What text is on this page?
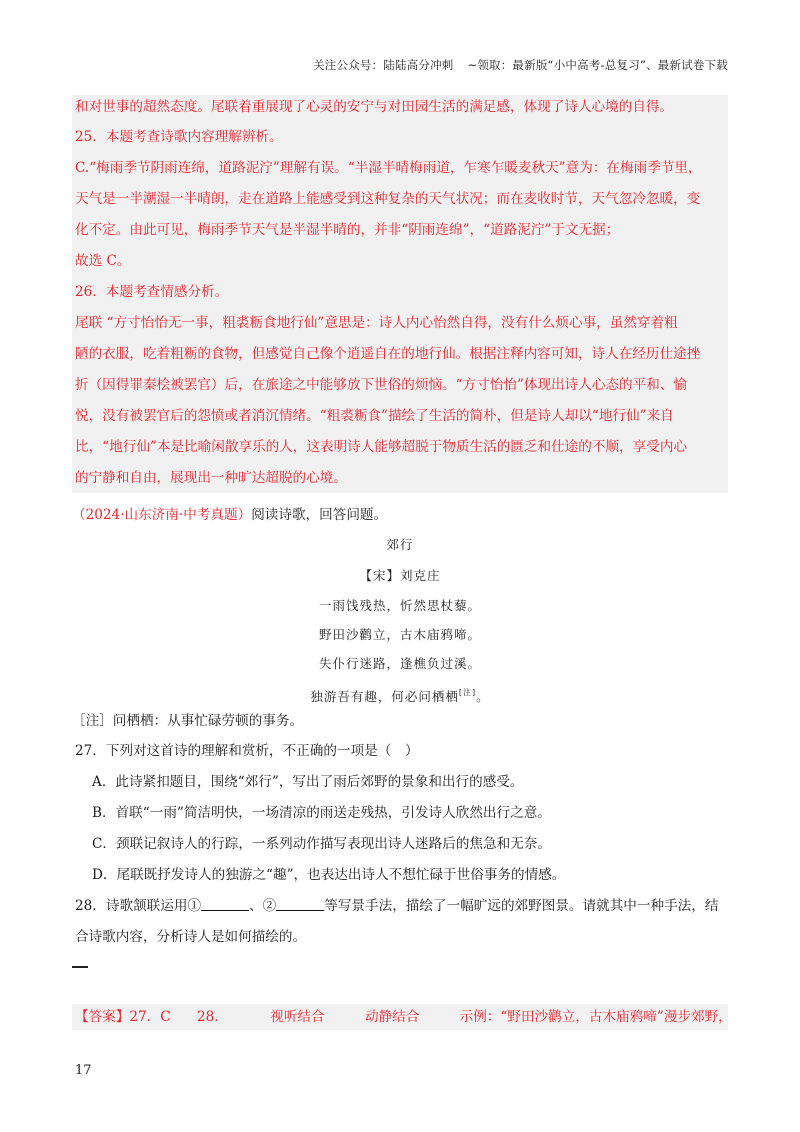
关注公众号：陆陆高分冲刺 ~领取：最新版“小中高考-总复习”、最新试卷下载
和对世事的超然态度。尾联着重展现了心灵的安宁与对田园生活的满足感，体现了诗人心境的自得。
25．本题考查诗歌内容理解辨析。
C.“梅雨季节阴雨连绵，道路泥泞”理解有误。“半湿半晴梅雨道，乍寒乍暖麦秋天”意为：在梅雨季节里，
天气是一半潮湿一半晴朗，走在道路上能感受到这种复杂的天气状况；而在麦收时节，天气忽冷忽暖，变
化不定。由此可见，梅雨季节天气是半湿半晴的，并非“阴雨连绵”，“道路泥泞”于文无据；
故选 C。
26．本题考查情感分析。
尾联 “方寸怡怡无一事，粗裘粝食地行仙”意思是：诗人内心怡然自得，没有什么烦心事，虽然穿着粗
陋的衣服，吃着粗粝的食物，但感觉自己像个逍遥自在的地行仙。根据注释内容可知，诗人在经历仕途挫
折（因得罪秦桧被罢官）后，在旅途之中能够放下世俗的烦恼。“方寸怡怡”体现出诗人心态的平和、愉
悦，没有被罢官后的怨愤或者消沉情绪。“粗裘粝食”描绘了生活的简朴，但是诗人却以“地行仙”来自
比，“地行仙”本是比喻闲散享乐的人，这表明诗人能够超脱于物质生活的匮乏和仕途的不顺，享受内心
的宁静和自由，展现出一种旷达超脱的心境。
（2024·山东济南·中考真题）阅读诗歌，回答问题。
郊行
【宋】刘克庄
一雨饯残热，忻然思杖藜。
野田沙鹳立，古木庙鸦啼。
失仆行迷路，逢樵负过溪。
独游吾有趣，何必问栖栖[注]。
［注］问栖栖：从事忙碌劳顿的事务。
27．下列对这首诗的理解和赏析，不正确的一项是（　）
A．此诗紧扣题目，围绕“郊行”，写出了雨后郊野的景象和出行的感受。
B．首联“一雨”简洁明快，一场清凉的雨送走残热，引发诗人欣然出行之意。
C．颈联记叙诗人的行踪，一系列动作描写表现出诗人迷路后的焦急和无奈。
D．尾联既抒发诗人的独游之“趣”，也表达出诗人不想忙碌于世俗事务的情感。
28．诗歌颔联运用①	、②	等写景手法，描绘了一幅旷远的郊野图景。请就其中一种手法，结
合诗歌内容，分析诗人是如何描绘的。
【答案】27．C 28．	视听结合	动静结合	示例：“野田沙鹳立，古木庙鸦啼”漫步郊野，
17
